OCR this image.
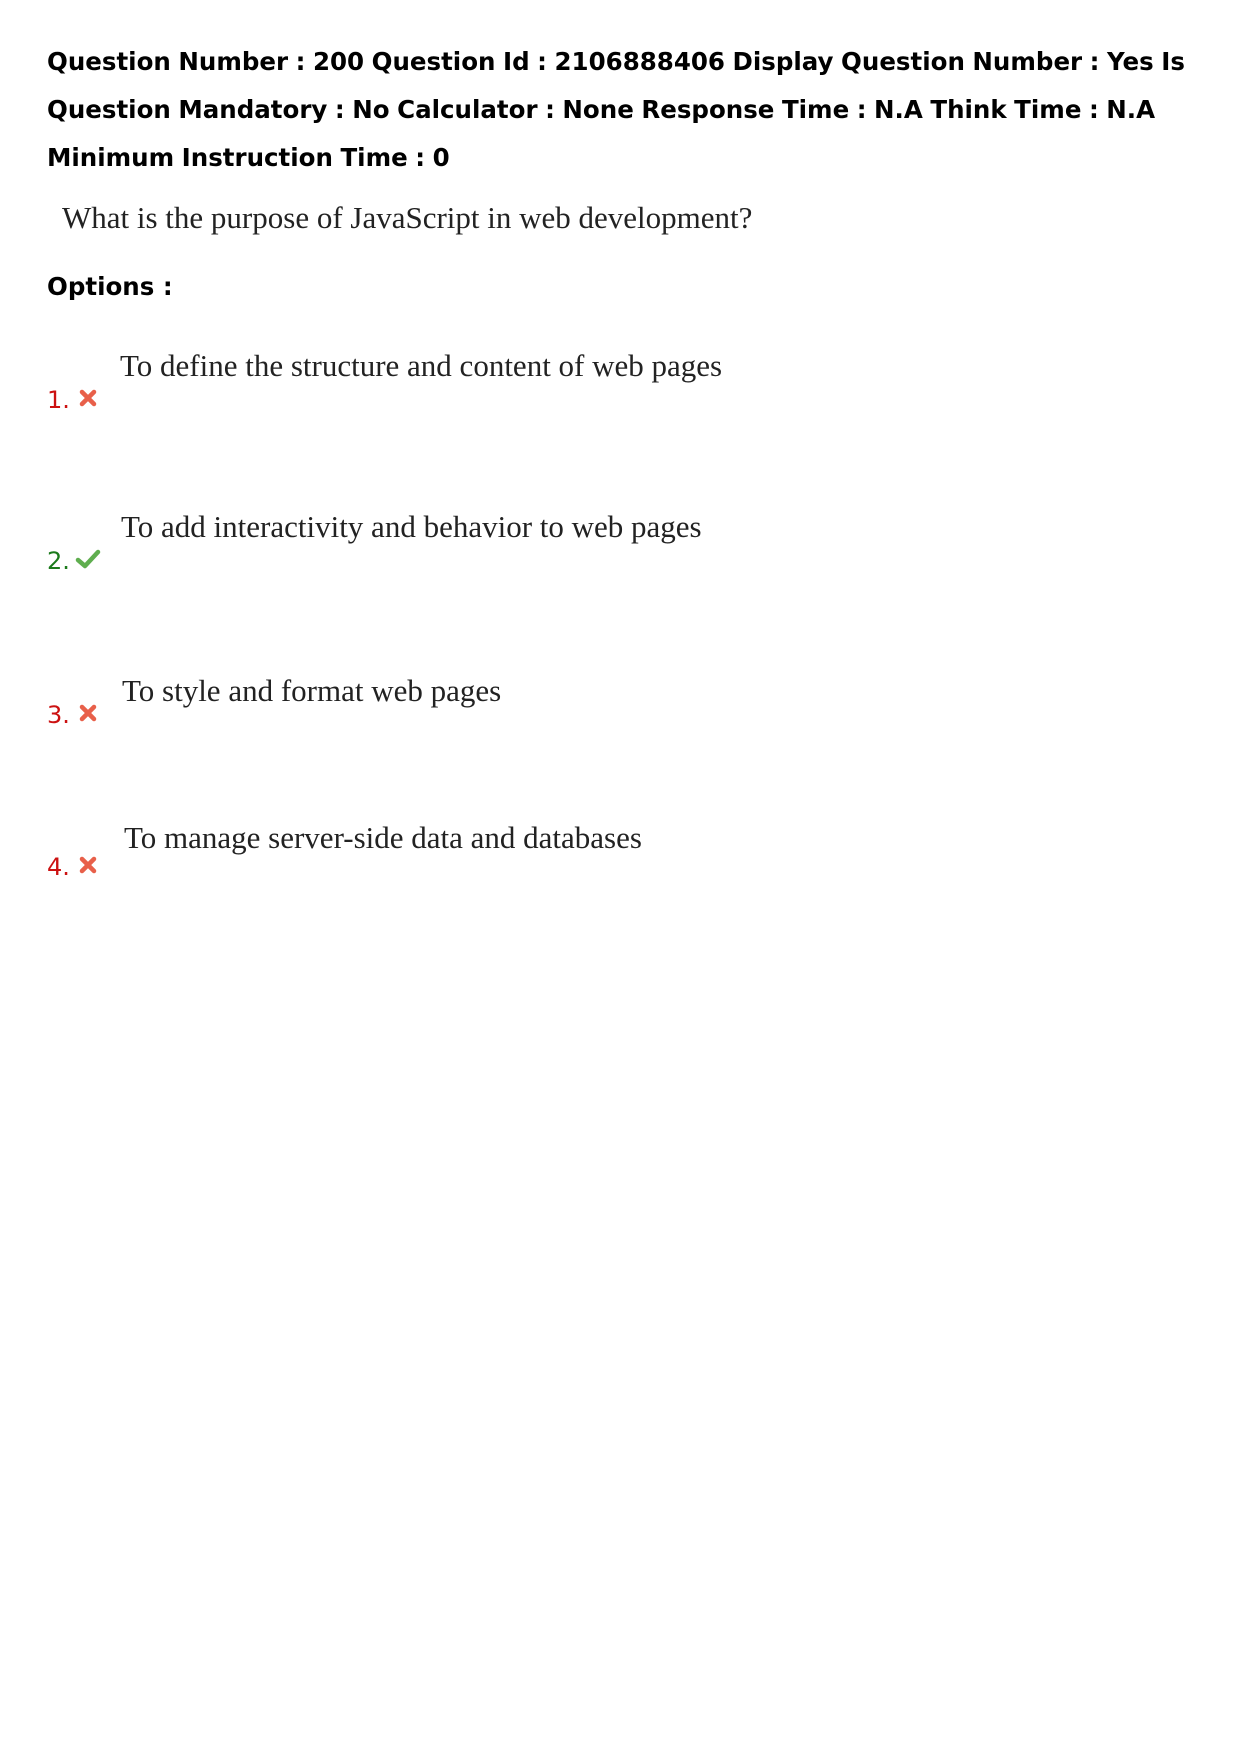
Question Number : 200 Question Id : 2106888406 Display Question Number : Yes Is Question Mandatory : No Calculator : None Response Time : N.A Think Time : N.A Minimum Instruction Time : 0
What is the purpose of JavaScript in web development?
Options :
1.
To define the structure and content of web pages
2.
To add interactivity and behavior to web pages
3.
To style and format web pages
4.
To manage server-side data and databases
